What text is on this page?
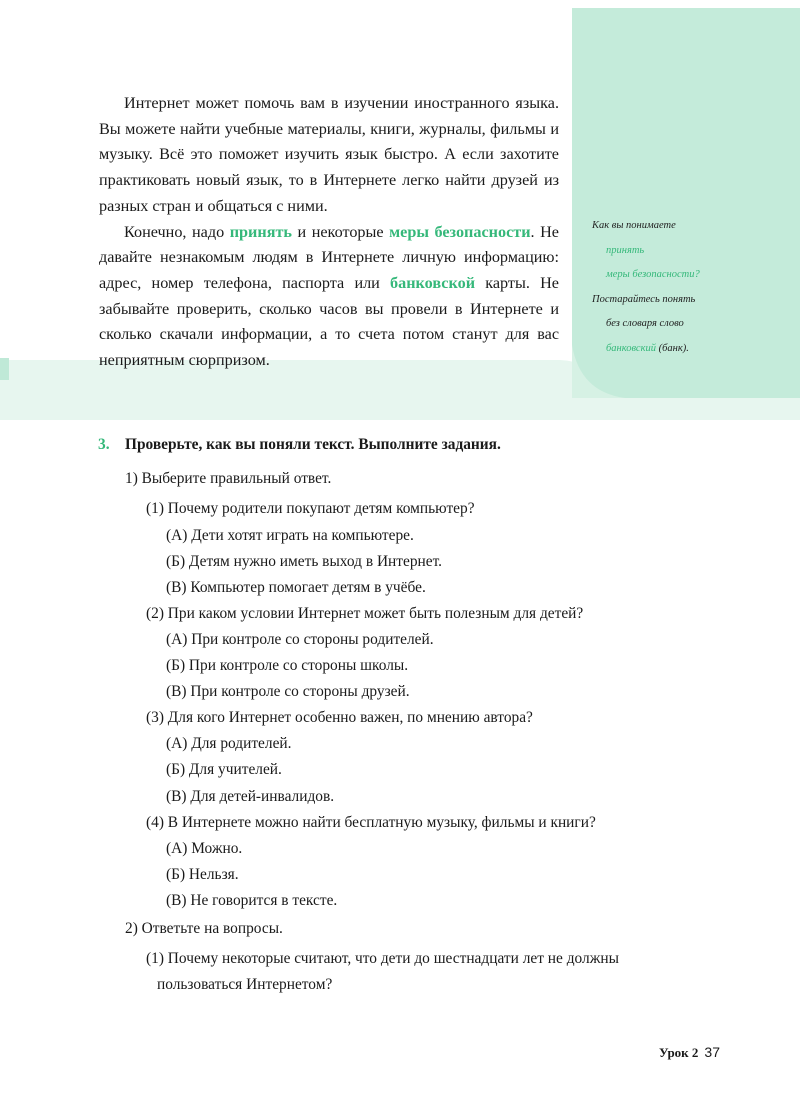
Интернет может помочь вам в изучении иностранного языка. Вы можете найти учебные материалы, книги, журналы, фильмы и музыку. Всё это поможет изучить язык быстро. А если захотите практиковать новый язык, то в Интернете легко найти друзей из разных стран и общаться с ними.

Конечно, надо принять и некоторые меры безопасности. Не давайте незнакомым людям в Интернете личную информацию: адрес, номер телефона, паспорта или банковской карты. Не забывайте проверить, сколько часов вы провели в Интернете и сколько скачали информации, а то счета потом станут для вас неприятным сюрпризом.

Как вы понимаете
принять
меры безопасности?
Постарайтесь понять
без словаря слово
банковский (банк).
3. Проверьте, как вы поняли текст. Выполните задания.
1) Выберите правильный ответ.
(1) Почему родители покупают детям компьютер?
(А) Дети хотят играть на компьютере.
(Б) Детям нужно иметь выход в Интернет.
(В) Компьютер помогает детям в учёбе.
(2) При каком условии Интернет может быть полезным для детей?
(А) При контроле со стороны родителей.
(Б) При контроле со стороны школы.
(В) При контроле со стороны друзей.
(3) Для кого Интернет особенно важен, по мнению автора?
(А) Для родителей.
(Б) Для учителей.
(В) Для детей-инвалидов.
(4) В Интернете можно найти бесплатную музыку, фильмы и книги?
(А) Можно.
(Б) Нельзя.
(В) Не говорится в тексте.
2) Ответьте на вопросы.
(1) Почему некоторые считают, что дети до шестнадцати лет не должны
пользоваться Интернетом?
Урок 2 37
